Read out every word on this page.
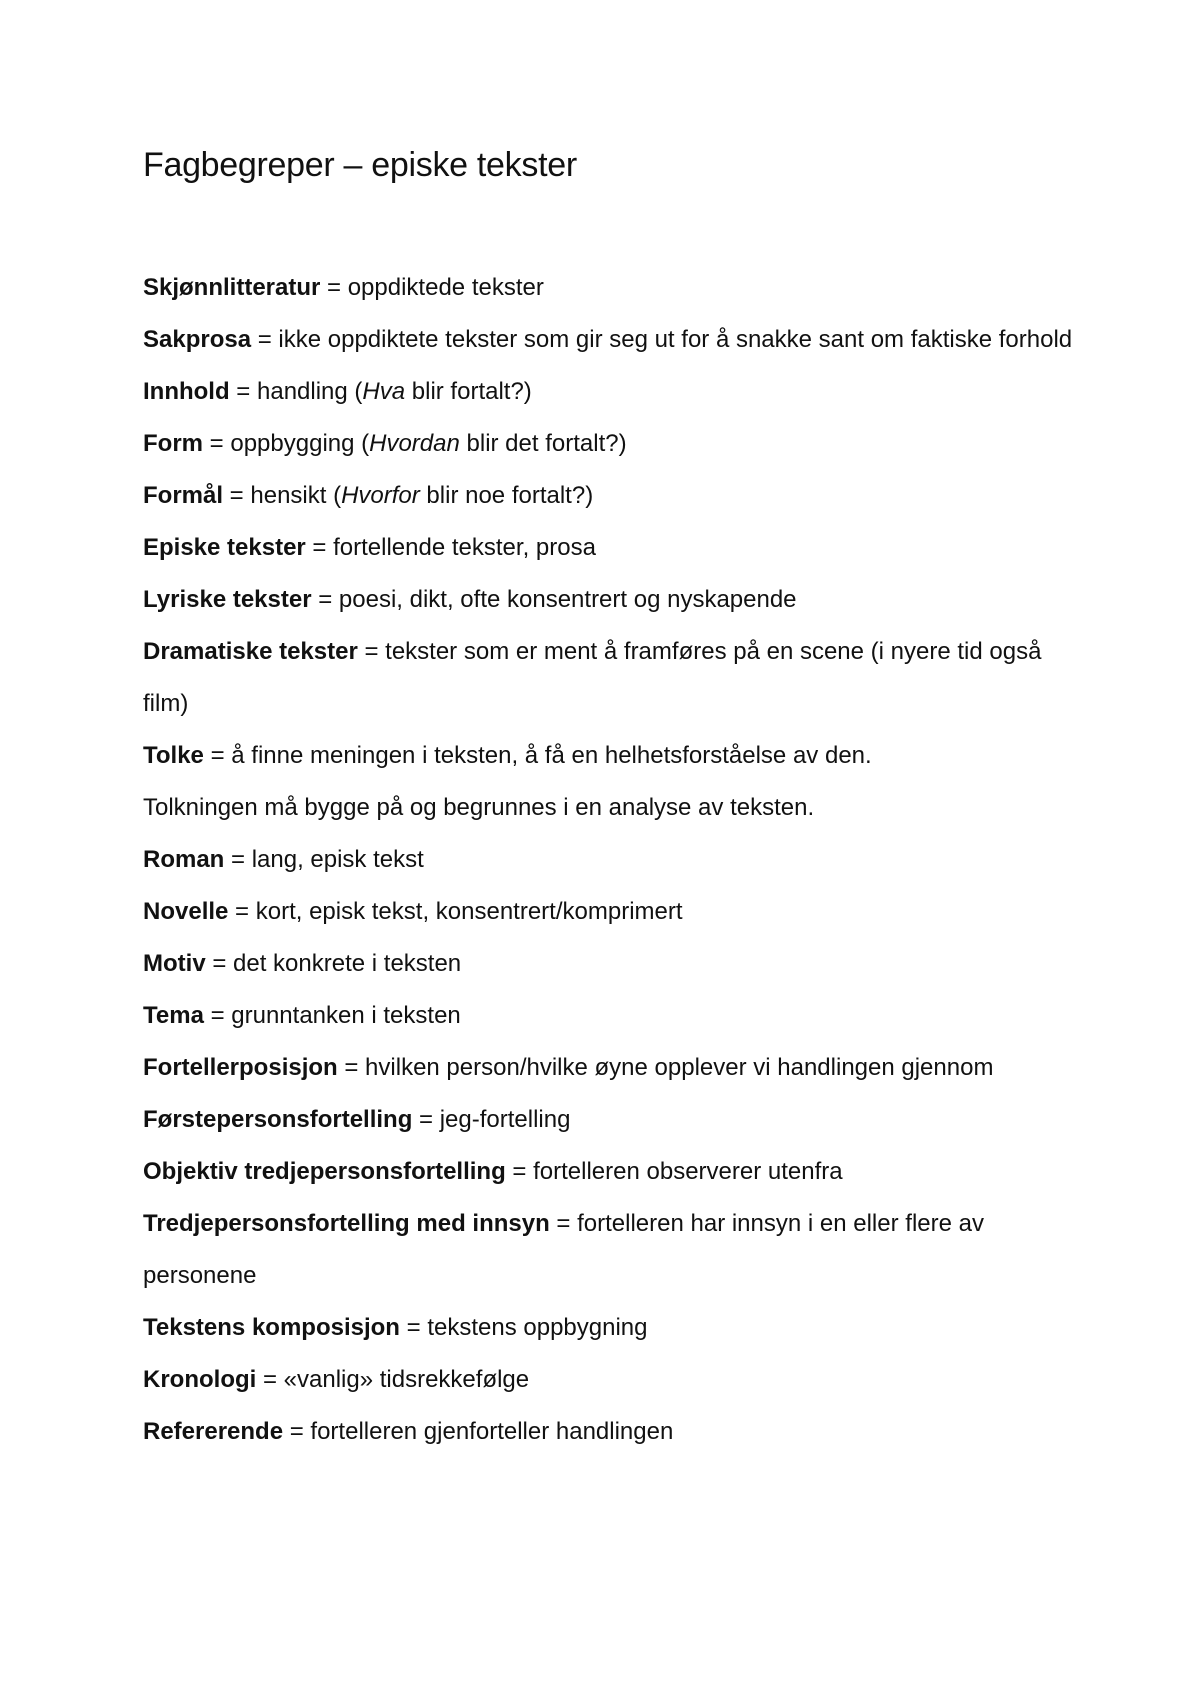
Fagbegreper – episke tekster

Skjønnlitteratur = oppdiktede tekster

Sakprosa = ikke oppdiktete tekster som gir seg ut for å snakke sant om faktiske forhold

Innhold = handling (Hva blir fortalt?)

Form = oppbygging (Hvordan blir det fortalt?)

Formål = hensikt (Hvorfor blir noe fortalt?)

Episke tekster = fortellende tekster, prosa

Lyriske tekster = poesi, dikt, ofte konsentrert og nyskapende

Dramatiske tekster = tekster som er ment å framføres på en scene (i nyere tid også film)

Tolke = å finne meningen i teksten, å få en helhetsforståelse av den.

Tolkningen må bygge på og begrunnes i en analyse av teksten.

Roman = lang, episk tekst

Novelle = kort, episk tekst, konsentrert/komprimert

Motiv = det konkrete i teksten

Tema = grunntanken i teksten

Fortellerposisjon = hvilken person/hvilke øyne opplever vi handlingen gjennom

Førstepersonsfortelling = jeg-fortelling

Objektiv tredjepersonsfortelling = fortelleren observerer utenfra

Tredjepersonsfortelling med innsyn = fortelleren har innsyn i en eller flere av personene

Tekstens komposisjon = tekstens oppbygning

Kronologi = «vanlig» tidsrekkefølge

Refererende = fortelleren gjenforteller handlingen
